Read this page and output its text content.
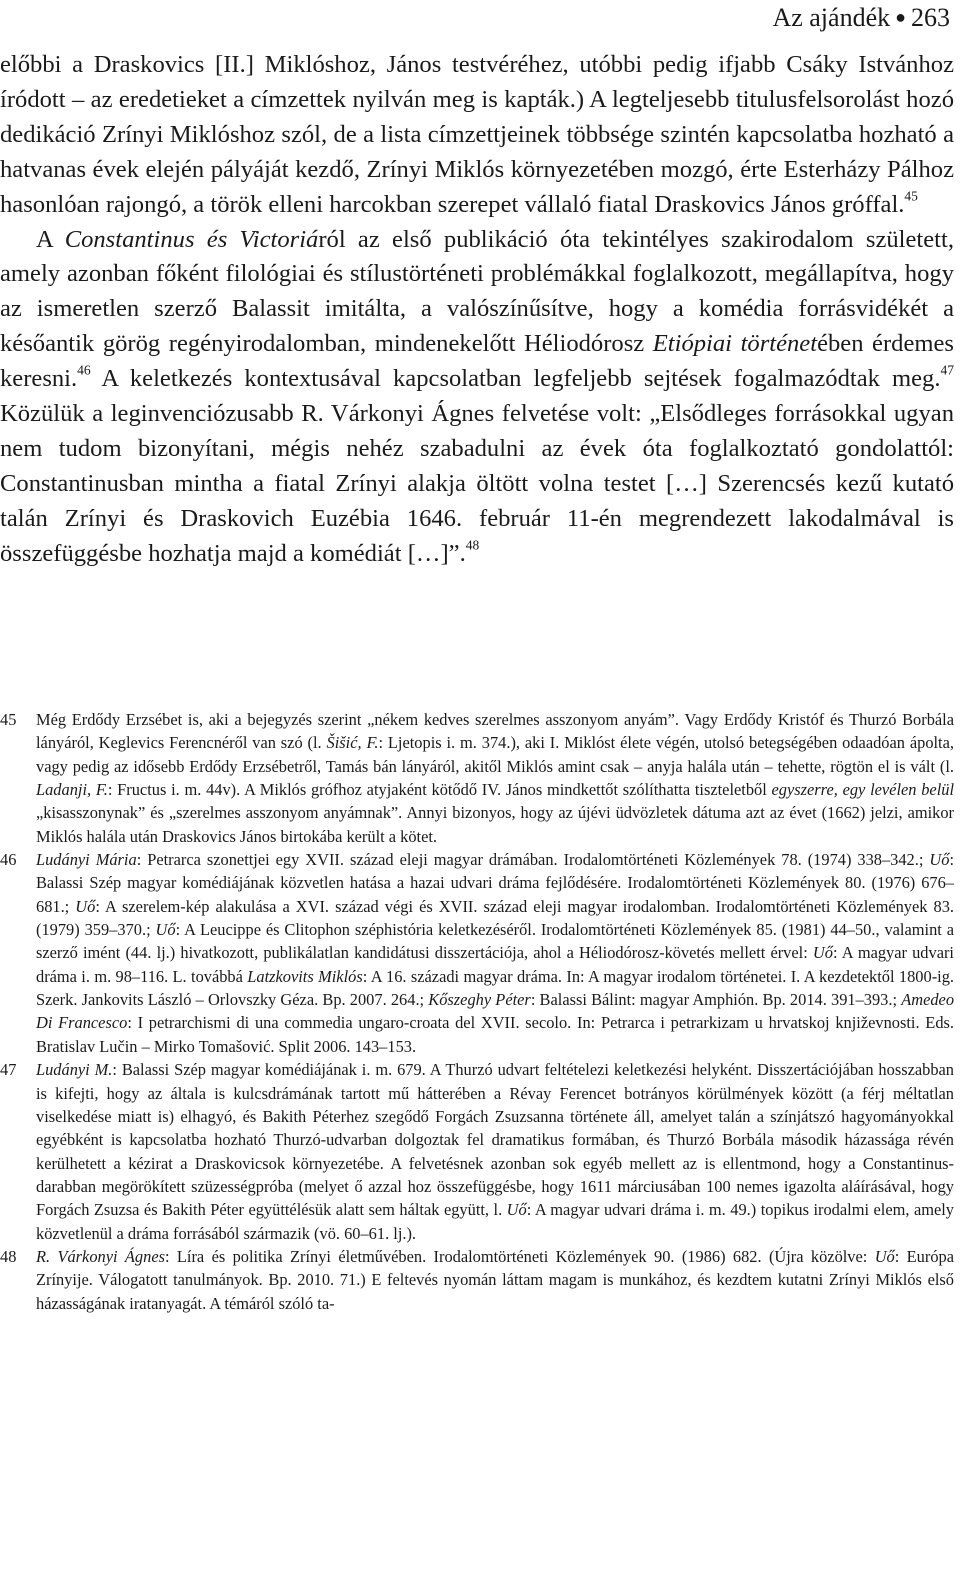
Az ajándék ● 263

előbbi a Draskovics [II.] Miklóshoz, János testvéréhez, utóbbi pedig ifjabb Csáky Istvánhoz íródott – az eredetieket a címzettek nyilván meg is kapták.) A legteljesebb titulusfelsorolást hozó dedikáció Zrínyi Miklóshoz szól, de a lista címzettjeinek többsége szintén kapcsolatba hozható a hatvanas évek elején pályáját kezdő, Zrínyi Miklós környezetében mozgó, érte Esterházy Pálhoz hasonlóan rajongó, a török elleni harcokban szerepet vállaló fiatal Draskovics János gróffal.$^{45}$

A Constantinus és Victoriáról az első publikáció óta tekintélyes szakirodalom született, amely azonban főként filológiai és stílustörténeti problémákkal foglalkozott, megállapítva, hogy az ismeretlen szerző Balassit imitálta, a valószínűsítve, hogy a komédia forrásvidékét a későantik görög regényirodalomban, mindenekelőtt Héliodórosz Etiópiai történetében érdemes keresni.$^{46}$ A keletkezés kontextusával kapcsolatban legfeljebb sejtések fogalmazódtak meg.$^{47}$ Közülük a leginvenciózusabb R. Várkonyi Ágnes felvetése volt: „Elsődleges forrásokkal ugyan nem tudom bizonyítani, mégis nehéz szabadulni az évek óta foglalkoztató gondolattól: Constantinusban mintha a fiatal Zrínyi alakja öltött volna testet […] Szerencsés kezű kutató talán Zrínyi és Draskovich Euzébia 1646. február 11-én megrendezett lakodalmával is összefüggésbe hozhatja majd a komédiát […]”.$^{48}$

45	Még Erdődy Erzsébet is, aki a bejegyzés szerint „nékem kedves szerelmes asszonyom anyám”. Vagy Erdődy Kristóf és Thurzó Borbála lányáról, Keglevics Ferencnéről van szó (l. Šišić, F.: Ljetopis i. m. 374.), aki I. Miklóst élete végén, utolsó betegségében odaadóan ápolta, vagy pedig az idősebb Erdődy Erzsébetről, Tamás bán lányáról, akitől Miklós amint csak – anyja halála után – tehette, rögtön el is vált (l. Ladanji, F.: Fructus i. m. 44v). A Miklós grófhoz atyjaként kötődő IV. János mindkettőt szólíthatta tiszteletből egyszerre, egy levélen belül „kisasszonynak” és „szerelmes asszonyom anyámnak”. Annyi bizonyos, hogy az újévi üdvözletek dátuma azt az évet (1662) jelzi, amikor Miklós halála után Draskovics János birtokába került a kötet.
46	Ludányi Mária: Petrarca szonettjei egy XVII. század eleji magyar drámában. Irodalomtörténeti Közlemények 78. (1974) 338–342.; Uő: Balassi Szép magyar komédiájának közvetlen hatása a hazai udvari dráma fejlődésére. Irodalomtörténeti Közlemények 80. (1976) 676–681.; Uő: A szerelem-kép alakulása a XVI. század végi és XVII. század eleji magyar irodalomban. Irodalomtörténeti Közlemények 83. (1979) 359–370.; Uő: A Leucippe és Clitophon széphistória keletkezéséről. Irodalomtörténeti Közlemények 85. (1981) 44–50., valamint a szerző imént (44. lj.) hivatkozott, publikálatlan kandidátusi disszertációja, ahol a Héliodórosz-követés mellett érvel: Uő: A magyar udvari dráma i. m. 98–116. L. továbbá Latzkovits Miklós: A 16. századi magyar dráma. In: A magyar irodalom történetei. I. A kezdetektől 1800-ig. Szerk. Jankovits László – Orlovszky Géza. Bp. 2007. 264.; Kőszeghy Péter: Balassi Bálint: magyar Amphión. Bp. 2014. 391–393.; Amedeo Di Francesco: I petrarchismi di una commedia ungaro-croata del XVII. secolo. In: Petrarca i petrarkizam u hrvatskoj književnosti. Eds. Bratislav Lučin – Mirko Tomašović. Split 2006. 143–153.
47	Ludányi M.: Balassi Szép magyar komédiájának i. m. 679. A Thurzó udvart feltételezi keletkezési helyként. Disszertációjában hosszabban is kifejti, hogy az általa is kulcsdrámának tartott mű hátterében a Révay Ferencet botrányos körülmények között (a férj méltatlan viselkedése miatt is) elhagyó, és Bakith Péterhez szegődő Forgách Zsuzsanna története áll, amelyet talán a színjátszó hagyományokkal egyébként is kapcsolatba hozható Thurzó-udvarban dolgoztak fel dramatikus formában, és Thurzó Borbála második házassága révén kerülhetett a kézirat a Draskovicsok környezetébe. A felvetésnek azonban sok egyéb mellett az is ellentmond, hogy a Constantinus-darabban megörökített szüzességpróba (melyet ő azzal hoz összefüggésbe, hogy 1611 márciusában 100 nemes igazolta aláírásával, hogy Forgách Zsuzsa és Bakith Péter együttélésük alatt sem háltak együtt, l. Uő: A magyar udvari dráma i. m. 49.) topikus irodalmi elem, amely közvetlenül a dráma forrásából származik (vö. 60–61. lj.).
48	R. Várkonyi Ágnes: Líra és politika Zrínyi életművében. Irodalomtörténeti Közlemények 90. (1986) 682. (Újra közölve: Uő: Európa Zrínyije. Válogatott tanulmányok. Bp. 2010. 71.) E feltevés nyomán láttam magam is munkához, és kezdtem kutatni Zrínyi Miklós első házasságának iratanyagát. A témáról szóló ta-
